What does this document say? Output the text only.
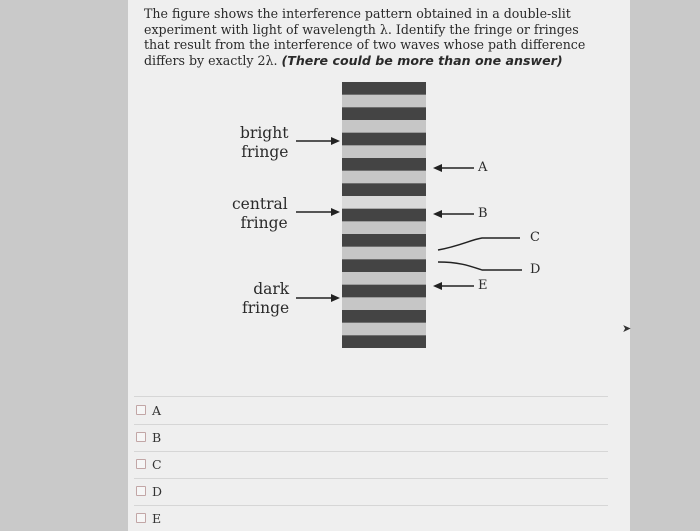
The figure shows the interference pattern obtained in a double-slit experiment with light of wavelength λ. Identify the fringe or fringes that result from the interference of two waves whose path difference differs by exactly 2λ. (There could be more than one answer)
bright
fringe
central
fringe
dark
fringe
A
B
C
D
E
A
B
C
D
E
➤
